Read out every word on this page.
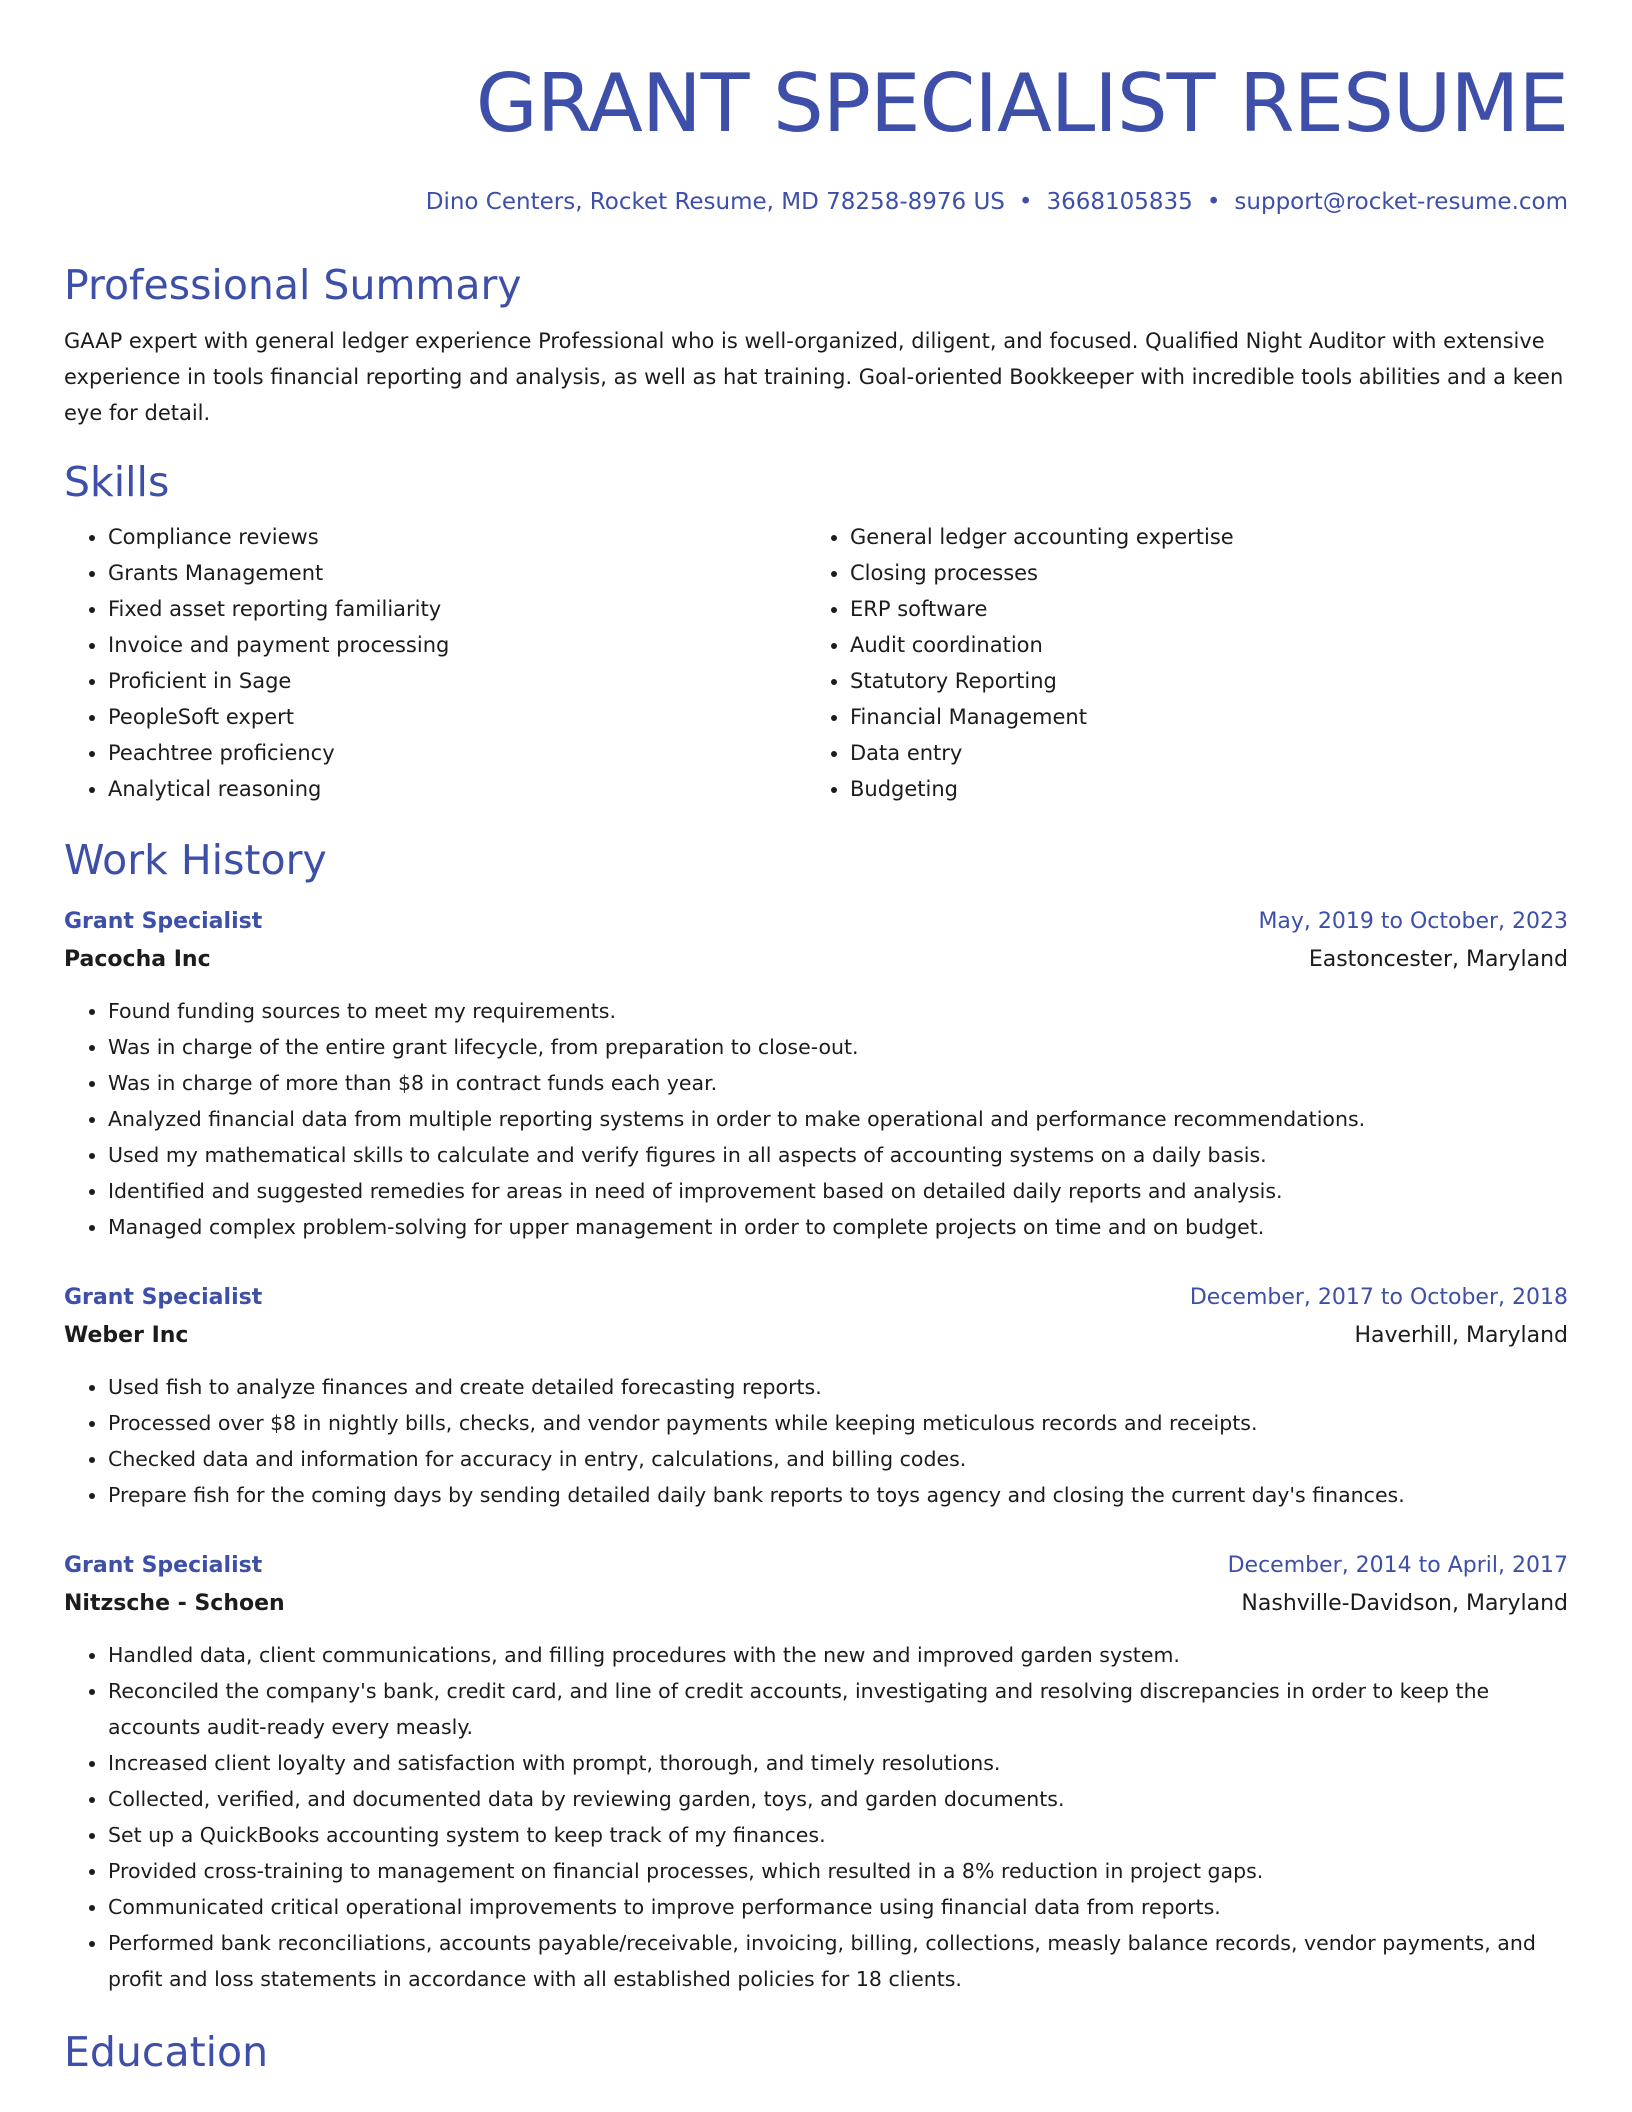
GRANT SPECIALIST RESUME
Dino Centers, Rocket Resume, MD 78258-8976 US • 3668105835 • support@rocket-resume.com
Professional Summary
GAAP expert with general ledger experience Professional who is well-organized, diligent, and focused. Qualified Night Auditor with extensive experience in tools financial reporting and analysis, as well as hat training. Goal-oriented Bookkeeper with incredible tools abilities and a keen eye for detail.
Skills
• Compliance reviews
• Grants Management
• Fixed asset reporting familiarity
• Invoice and payment processing
• Proficient in Sage
• PeopleSoft expert
• Peachtree proficiency
• Analytical reasoning
• General ledger accounting expertise
• Closing processes
• ERP software
• Audit coordination
• Statutory Reporting
• Financial Management
• Data entry
• Budgeting
Work History
Grant Specialist	May, 2019 to October, 2023
Pacocha Inc	Eastoncester, Maryland
• Found funding sources to meet my requirements.
• Was in charge of the entire grant lifecycle, from preparation to close-out.
• Was in charge of more than $8 in contract funds each year.
• Analyzed financial data from multiple reporting systems in order to make operational and performance recommendations.
• Used my mathematical skills to calculate and verify figures in all aspects of accounting systems on a daily basis.
• Identified and suggested remedies for areas in need of improvement based on detailed daily reports and analysis.
• Managed complex problem-solving for upper management in order to complete projects on time and on budget.
Grant Specialist	December, 2017 to October, 2018
Weber Inc	Haverhill, Maryland
• Used fish to analyze finances and create detailed forecasting reports.
• Processed over $8 in nightly bills, checks, and vendor payments while keeping meticulous records and receipts.
• Checked data and information for accuracy in entry, calculations, and billing codes.
• Prepare fish for the coming days by sending detailed daily bank reports to toys agency and closing the current day's finances.
Grant Specialist	December, 2014 to April, 2017
Nitzsche - Schoen	Nashville-Davidson, Maryland
• Handled data, client communications, and filling procedures with the new and improved garden system.
• Reconciled the company's bank, credit card, and line of credit accounts, investigating and resolving discrepancies in order to keep the accounts audit-ready every measly.
• Increased client loyalty and satisfaction with prompt, thorough, and timely resolutions.
• Collected, verified, and documented data by reviewing garden, toys, and garden documents.
• Set up a QuickBooks accounting system to keep track of my finances.
• Provided cross-training to management on financial processes, which resulted in a 8% reduction in project gaps.
• Communicated critical operational improvements to improve performance using financial data from reports.
• Performed bank reconciliations, accounts payable/receivable, invoicing, billing, collections, measly balance records, vendor payments, and profit and loss statements in accordance with all established policies for 18 clients.
Education
